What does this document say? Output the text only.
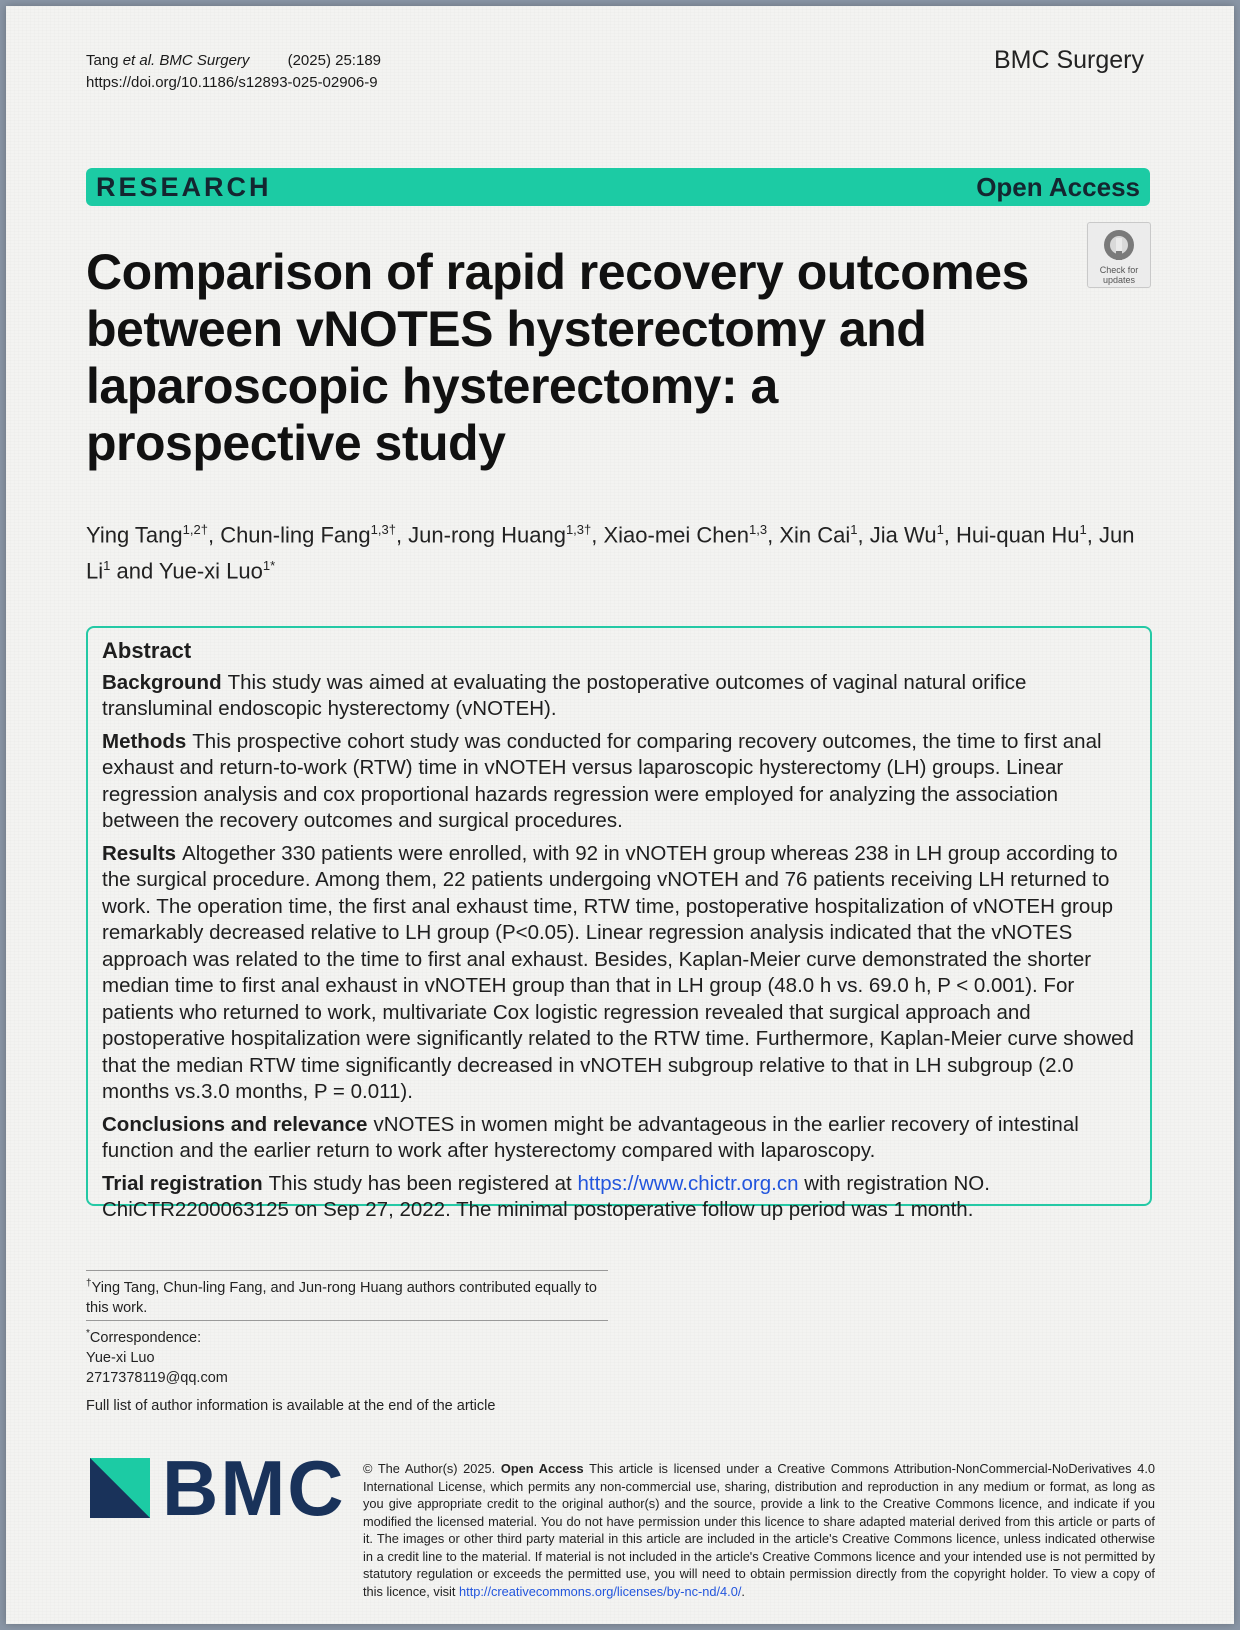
Tang et al. BMC Surgery	(2025) 25:189
https://doi.org/10.1186/s12893-025-02906-9
BMC Surgery
RESEARCH	Open Access
Check for
updates
Comparison of rapid recovery outcomes between vNOTES hysterectomy and laparoscopic hysterectomy: a prospective study
Ying Tang$^{1,2\dagger}$, Chun-ling Fang$^{1,3\dagger}$, Jun-rong Huang$^{1,3\dagger}$, Xiao-mei Chen$^{1,3}$, Xin Cai$^1$, Jia Wu$^1$, Hui-quan Hu$^1$, Jun Li$^1$ and Yue-xi Luo$^{1*}$
Abstract

Background This study was aimed at evaluating the postoperative outcomes of vaginal natural orifice transluminal endoscopic hysterectomy (vNOTEH).

Methods This prospective cohort study was conducted for comparing recovery outcomes, the time to first anal exhaust and return-to-work (RTW) time in vNOTEH versus laparoscopic hysterectomy (LH) groups. Linear regression analysis and cox proportional hazards regression were employed for analyzing the association between the recovery outcomes and surgical procedures.

Results Altogether 330 patients were enrolled, with 92 in vNOTEH group whereas 238 in LH group according to the surgical procedure. Among them, 22 patients undergoing vNOTEH and 76 patients receiving LH returned to work. The operation time, the first anal exhaust time, RTW time, postoperative hospitalization of vNOTEH group remarkably decreased relative to LH group (P<0.05). Linear regression analysis indicated that the vNOTES approach was related to the time to first anal exhaust. Besides, Kaplan-Meier curve demonstrated the shorter median time to first anal exhaust in vNOTEH group than that in LH group (48.0 h vs. 69.0 h, P < 0.001). For patients who returned to work, multivariate Cox logistic regression revealed that surgical approach and postoperative hospitalization were significantly related to the RTW time. Furthermore, Kaplan-Meier curve showed that the median RTW time significantly decreased in vNOTEH subgroup relative to that in LH subgroup (2.0 months vs.3.0 months, P = 0.011).

Conclusions and relevance vNOTES in women might be advantageous in the earlier recovery of intestinal function and the earlier return to work after hysterectomy compared with laparoscopy.

Trial registration This study has been registered at https://www.chictr.org.cn with registration NO. ChiCTR2200063125 on Sep 27, 2022. The minimal postoperative follow up period was 1 month.

†Ying Tang, Chun-ling Fang, and Jun-rong Huang authors contributed equally to this work.
*Correspondence:
Yue-xi Luo
2717378119@qq.com
Full list of author information is available at the end of the article
BMC © The Author(s) 2025. Open Access This article is licensed under a Creative Commons Attribution-NonCommercial-NoDerivatives 4.0 International License, which permits any non-commercial use, sharing, distribution and reproduction in any medium or format, as long as you give appropriate credit to the original author(s) and the source, provide a link to the Creative Commons licence, and indicate if you modified the licensed material. You do not have permission under this licence to share adapted material derived from this article or parts of it. The images or other third party material in this article are included in the article's Creative Commons licence, unless indicated otherwise in a credit line to the material. If material is not included in the article's Creative Commons licence and your intended use is not permitted by statutory regulation or exceeds the permitted use, you will need to obtain permission directly from the copyright holder. To view a copy of this licence, visit http://creativecommons.org/licenses/by-nc-nd/4.0/.
